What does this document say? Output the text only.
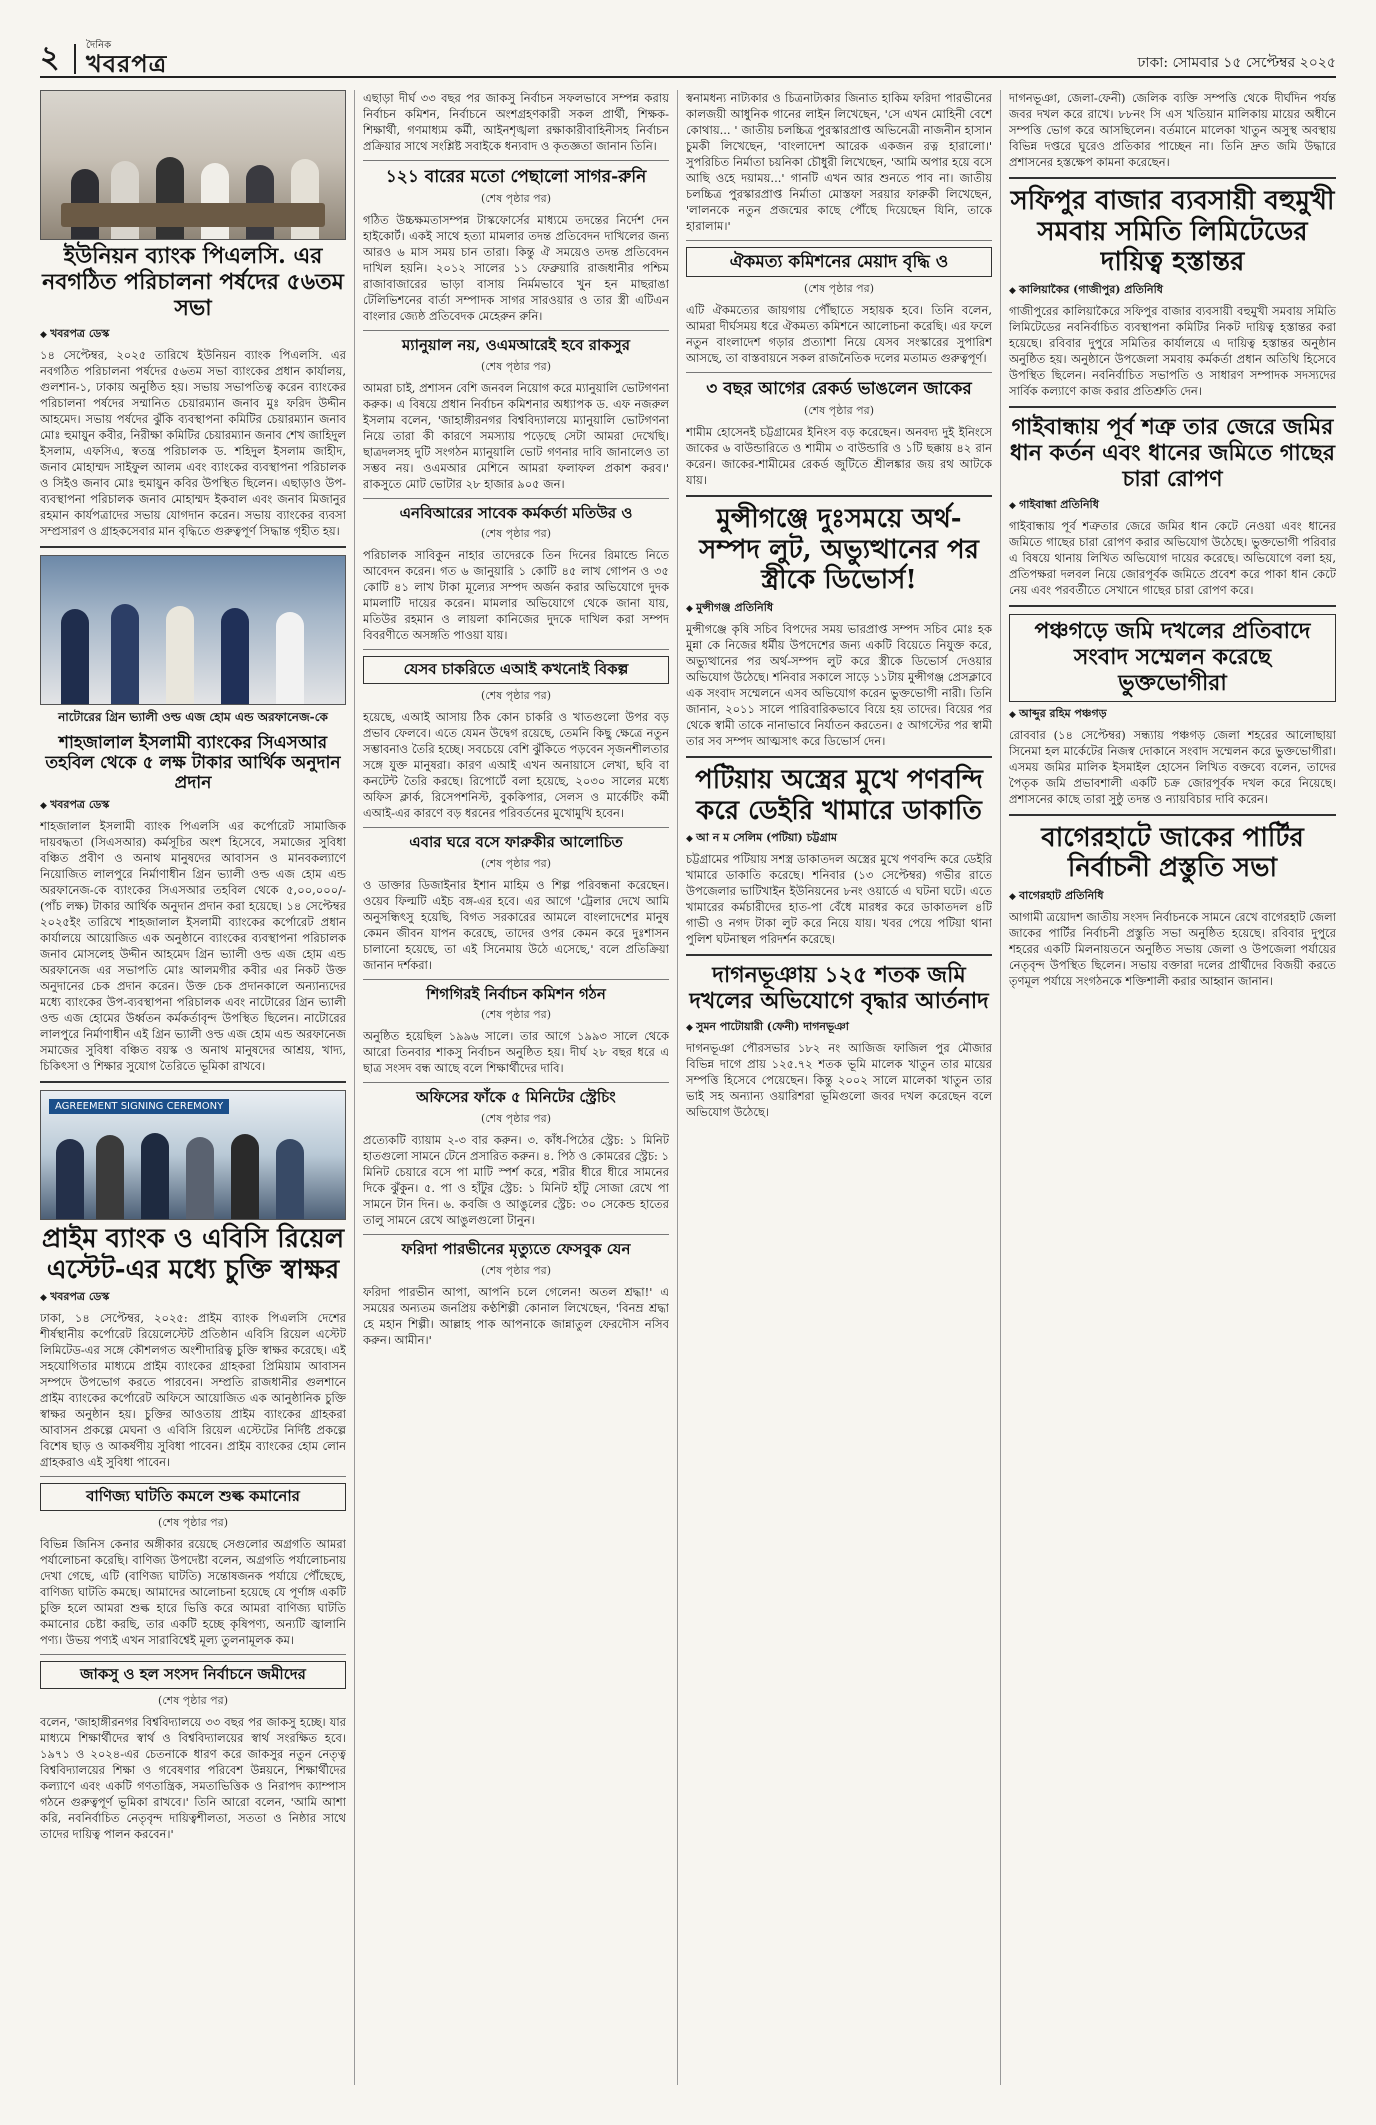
২	দৈনিক
খবরপত্র	ঢাকা: সোমবার ১৫ সেপ্টেম্বর ২০২৫
ইউনিয়ন ব্যাংক পিএলসি. এর নবগঠিত পরিচালনা পর্ষদের ৫৬তম সভা
◆ খবরপত্র ডেস্ক
১৪ সেপ্টেম্বর, ২০২৫ তারিখে ইউনিয়ন ব্যাংক পিএলসি. এর নবগঠিত পরিচালনা পর্ষদের ৫৬তম সভা ব্যাংকের প্রধান কার্যালয়, গুলশান-১, ঢাকায় অনুষ্ঠিত হয়। সভায় সভাপতিত্ব করেন ব্যাংকের পরিচালনা পর্ষদের সম্মানিত চেয়ারম্যান জনাব মুঃ ফরিদ উদ্দীন আহমেদ। সভায় পর্ষদের ঝুঁকি ব্যবস্থাপনা কমিটির চেয়ারম্যান জনাব মোঃ হুমায়ুন কবীর, নিরীক্ষা কমিটির চেয়ারম্যান জনাব শেখ জাহিদুল ইসলাম, এফসিএ, স্বতন্ত্র পরিচালক ড. শহিদুল ইসলাম জাহীদ, জনাব মোহাম্মদ সাইফুল আলম এবং ব্যাংকের ব্যবস্থাপনা পরিচালক ও সিইও জনাব মোঃ হুমায়ুন কবির উপস্থিত ছিলেন। এছাড়াও উপ-ব্যবস্থাপনা পরিচালক জনাব মোহাম্মদ ইকবাল এবং জনাব মিজানুর রহমান কার্যপত্রাদের সভায় যোগদান করেন। সভায় ব্যাংকের ব্যবসা সম্প্রসারণ ও গ্রাহকসেবার মান বৃদ্ধিতে গুরুত্বপূর্ণ সিদ্ধান্ত গৃহীত হয়।
নাটোরের গ্রিন ভ্যালী ওল্ড এজ হোম এন্ড অরফানেজ-কে
শাহজালাল ইসলামী ব্যাংকের সিএসআর তহবিল থেকে ৫ লক্ষ টাকার আর্থিক অনুদান প্রদান
◆ খবরপত্র ডেস্ক
শাহজালাল ইসলামী ব্যাংক পিএলসি এর কর্পোরেট সামাজিক দায়বদ্ধতা (সিএসআর) কর্মসূচির অংশ হিসেবে, সমাজের সুবিধা বঞ্চিত প্রবীণ ও অনাথ মানুষদের আবাসন ও মানবকল্যাণে নিয়োজিত লালপুরে নির্মাণাধীন গ্রিন ভ্যালী ওল্ড এজ হোম এন্ড অরফানেজ-কে ব্যাংকের সিএসআর তহবিল থেকে ৫,০০,০০০/- (পাঁচ লক্ষ) টাকার আর্থিক অনুদান প্রদান করা হয়েছে। ১৪ সেপ্টেম্বর ২০২৫ইং তারিখে শাহজালাল ইসলামী ব্যাংকের কর্পোরেট প্রধান কার্যালয়ে আয়োজিত এক অনুষ্ঠানে ব্যাংকের ব্যবস্থাপনা পরিচালক জনাব মোসলেহ উদ্দীন আহমেদ গ্রিন ভ্যালী ওল্ড এজ হোম এন্ড অরফানেজ এর সভাপতি মোঃ আলমগীর কবীর এর নিকট উক্ত অনুদানের চেক প্রদান করেন। উক্ত চেক প্রদানকালে অন্যান্যদের মধ্যে ব্যাংকের উপ-ব্যবস্থাপনা পরিচালক এবং নাটোরের গ্রিন ভ্যালী ওল্ড এজ হোমের উর্ধ্বতন কর্মকর্তাবৃন্দ উপস্থিত ছিলেন। নাটোরের লালপুরে নির্মাণাধীন এই গ্রিন ভ্যালী ওল্ড এজ হোম এন্ড অরফানেজ সমাজের সুবিধা বঞ্চিত বয়স্ক ও অনাথ মানুষদের আশ্রয়, খাদ্য, চিকিৎসা ও শিক্ষার সুযোগ তৈরিতে ভূমিকা রাখবে।
AGREEMENT SIGNING CEREMONY
প্রাইম ব্যাংক ও এবিসি রিয়েল এস্টেট-এর মধ্যে চুক্তি স্বাক্ষর
◆ খবরপত্র ডেস্ক
ঢাকা, ১৪ সেপ্টেম্বর, ২০২৫: প্রাইম ব্যাংক পিএলসি দেশের শীর্ষস্থানীয় কর্পোরেট রিয়েলেস্টেট প্রতিষ্ঠান এবিসি রিয়েল এস্টেট লিমিটেড-এর সঙ্গে কৌশলগত অংশীদারিত্ব চুক্তি স্বাক্ষর করেছে। এই সহযোগিতার মাধ্যমে প্রাইম ব্যাংকের গ্রাহকরা প্রিমিয়াম আবাসন সম্পদে উপভোগ করতে পারবেন। সম্প্রতি রাজধানীর গুলশানে প্রাইম ব্যাংকের কর্পোরেট অফিসে আয়োজিত এক আনুষ্ঠানিক চুক্তি স্বাক্ষর অনুষ্ঠান হয়। চুক্তির আওতায় প্রাইম ব্যাংকের গ্রাহকরা আবাসন প্রকল্পে মেঘনা ও এবিসি রিয়েল এস্টেটের নির্দিষ্ট প্রকল্পে বিশেষ ছাড় ও আকর্ষণীয় সুবিধা পাবেন। প্রাইম ব্যাংকের হোম লোন গ্রাহকরাও এই সুবিধা পাবেন।
বাণিজ্য ঘাটতি কমলে শুল্ক কমানোর
(শেষ পৃষ্ঠার পর)
বিভিন্ন জিনিস কেনার অঙ্গীকার রয়েছে সেগুলোর অগ্রগতি আমরা পর্যালোচনা করেছি। বাণিজ্য উপদেষ্টা বলেন, অগ্রগতি পর্যালোচনায় দেখা গেছে, এটি (বাণিজ্য ঘাটতি) সন্তোষজনক পর্যায়ে পৌঁছেছে, বাণিজ্য ঘাটতি কমছে। আমাদের আলোচনা হয়েছে যে পূর্ণাঙ্গ একটি চুক্তি হলে আমরা শুল্ক হারে ভিত্তি করে আমরা বাণিজ্য ঘাটতি কমানোর চেষ্টা করছি, তার একটি হচ্ছে কৃষিপণ্য, অন্যটি জ্বালানি পণ্য। উভয় পণ্যই এখন সারাবিশ্বেই মূল্য তুলনামূলক কম।
জাকসু ও হল সংসদ নির্বাচনে জমীদের
(শেষ পৃষ্ঠার পর)
বলেন, 'জাহাঙ্গীরনগর বিশ্ববিদ্যালয়ে ৩৩ বছর পর জাকসু হচ্ছে। যার মাধ্যমে শিক্ষার্থীদের স্বার্থ ও বিশ্ববিদ্যালয়ের স্বার্থ সংরক্ষিত হবে। ১৯৭১ ও ২০২৪-এর চেতনাকে ধারণ করে জাকসুর নতুন নেতৃত্ব বিশ্ববিদ্যালয়ের শিক্ষা ও গবেষণার পরিবেশ উন্নয়নে, শিক্ষার্থীদের কল্যাণে এবং একটি গণতান্ত্রিক, সমতাভিত্তিক ও নিরাপদ ক্যাম্পাস গঠনে গুরুত্বপূর্ণ ভূমিকা রাখবে।' তিনি আরো বলেন, 'আমি আশা করি, নবনির্বাচিত নেতৃবৃন্দ দায়িত্বশীলতা, সততা ও নিষ্ঠার সাথে তাদের দায়িত্ব পালন করবেন।'
এছাড়া দীর্ঘ ৩৩ বছর পর জাকসু নির্বাচন সফলভাবে সম্পন্ন করায় নির্বাচন কমিশন, নির্বাচনে অংশগ্রহণকারী সকল প্রার্থী, শিক্ষক-শিক্ষার্থী, গণমাধ্যম কর্মী, আইনশৃঙ্খলা রক্ষাকারীবাহিনীসহ নির্বাচন প্রক্রিয়ার সাথে সংশ্লিষ্ট সবাইকে ধন্যবাদ ও কৃতজ্ঞতা জানান তিনি।
১২১ বারের মতো পেছালো সাগর-রুনি
(শেষ পৃষ্ঠার পর)
গঠিত উচ্চক্ষমতাসম্পন্ন টাস্কফোর্সের মাধ্যমে তদন্তের নির্দেশ দেন হাইকোর্ট। একই সাথে হত্যা মামলার তদন্ত প্রতিবেদন দাখিলের জন্য আরও ৬ মাস সময় চান তারা। কিন্তু ঐ সময়েও তদন্ত প্রতিবেদন দাখিল হয়নি। ২০১২ সালের ১১ ফেব্রুয়ারি রাজধানীর পশ্চিম রাজাবাজারের ভাড়া বাসায় নির্মমভাবে খুন হন মাছরাঙা টেলিভিশনের বার্তা সম্পাদক সাগর সারওয়ার ও তার স্ত্রী এটিএন বাংলার জ্যেষ্ঠ প্রতিবেদক মেহেরুন রুনি।
ম্যানুয়াল নয়, ওএমআরেই হবে রাকসুর
(শেষ পৃষ্ঠার পর)
আমরা চাই, প্রশাসন বেশি জনবল নিয়োগ করে ম্যানুয়ালি ভোটগণনা করুক। এ বিষয়ে প্রধান নির্বাচন কমিশনার অধ্যাপক ড. এফ নজরুল ইসলাম বলেন, 'জাহাঙ্গীরনগর বিশ্ববিদ্যালয়ে ম্যানুয়ালি ভোটগণনা নিয়ে তারা কী কারণে সমস্যায় পড়েছে সেটা আমরা দেখেছি। ছাত্রদলসহ দুটি সংগঠন ম্যানুয়ালি ভোট গণনার দাবি জানালেও তা সম্ভব নয়। ওএমআর মেশিনে আমরা ফলাফল প্রকাশ করব।' রাকসুতে মোট ভোটার ২৮ হাজার ৯০৫ জন।
এনবিআরের সাবেক কর্মকর্তা মতিউর ও
(শেষ পৃষ্ঠার পর)
পরিচালক সাবিকুন নাহার তাদেরকে তিন দিনের রিমান্ডে নিতে আবেদন করেন। গত ৬ জানুয়ারি ১ কোটি ৪৫ লাখ গোপন ও ৩৫ কোটি ৪১ লাখ টাকা মূল্যের সম্পদ অর্জন করার অভিযোগে দুদক মামলাটি দায়ের করেন। মামলার অভিযোগে থেকে জানা যায়, মতিউর রহমান ও লায়লা কানিজের দুদকে দাখিল করা সম্পদ বিবরণীতে অসঙ্গতি পাওয়া যায়।
যেসব চাকরিতে এআই কখনোই বিকল্প
(শেষ পৃষ্ঠার পর)
হয়েছে, এআই আসায় ঠিক কোন চাকরি ও খাতগুলো উপর বড় প্রভাব ফেলবে। এতে যেমন উদ্বেগ রয়েছে, তেমনি কিছু ক্ষেত্রে নতুন সম্ভাবনাও তৈরি হচ্ছে। সবচেয়ে বেশি ঝুঁকিতে পড়বেন সৃজনশীলতার সঙ্গে যুক্ত মানুষরা। কারণ এআই এখন অনায়াসে লেখা, ছবি বা কনটেন্ট তৈরি করছে। রিপোর্টে বলা হয়েছে, ২০৩০ সালের মধ্যে অফিস ক্লার্ক, রিসেপশনিস্ট, বুককিপার, সেলস ও মার্কেটিং কর্মী এআই-এর কারণে বড় ধরনের পরিবর্তনের মুখোমুখি হবেন।
এবার ঘরে বসে ফারুকীর আলোচিত
(শেষ পৃষ্ঠার পর)
ও ডাক্তার ডিজাইনার ইশান মাহিম ও শিল্প পরিবন্ধনা করেছেন। ওয়েব ফিল্মটি এইচ বঙ্গ-এর হবে। এর আগে 'ট্রেলার দেখে আমি অনুসন্ধিৎসু হয়েছি, বিগত সরকারের আমলে বাংলাদেশের মানুষ কেমন জীবন যাপন করেছে, তাদের ওপর কেমন করে দুঃশাসন চালানো হয়েছে, তা এই সিনেমায় উঠে এসেছে,' বলে প্রতিক্রিয়া জানান দর্শকরা।
শিগগিরই নির্বাচন কমিশন গঠন
(শেষ পৃষ্ঠার পর)
অনুষ্ঠিত হয়েছিল ১৯৯৬ সালে। তার আগে ১৯৯৩ সালে থেকে আরো তিনবার শাকসু নির্বাচন অনুষ্ঠিত হয়। দীর্ঘ ২৮ বছর ধরে এ ছাত্র সংসদ বন্ধ আছে বলে শিক্ষার্থীদের দাবি।
অফিসের ফাঁকে ৫ মিনিটের স্ট্রেচিং
(শেষ পৃষ্ঠার পর)
প্রত্যেকটি ব্যায়াম ২-৩ বার করুন। ৩. কাঁধ-পিঠের স্ট্রেচ: ১ মিনিট হাতগুলো সামনে টেনে প্রসারিত করুন। ৪. পিঠ ও কোমরের স্ট্রেচ: ১ মিনিট চেয়ারে বসে পা মাটি স্পর্শ করে, শরীর ধীরে ধীরে সামনের দিকে ঝুঁকুন। ৫. পা ও হাঁটুর স্ট্রেচ: ১ মিনিট হাঁটু সোজা রেখে পা সামনে টান দিন। ৬. কবজি ও আঙুলের স্ট্রেচ: ৩০ সেকেন্ড হাতের তালু সামনে রেখে আঙুলগুলো টানুন।
ফরিদা পারভীনের মৃত্যুতে ফেসবুক যেন
(শেষ পৃষ্ঠার পর)
ফরিদা পারভীন আপা, আপনি চলে গেলেন! অতল শ্রদ্ধা!' এ সময়ের অন্যতম জনপ্রিয় কণ্ঠশিল্পী কোনাল লিখেছেন, 'বিনম্র শ্রদ্ধা হে মহান শিল্পী। আল্লাহ পাক আপনাকে জান্নাতুল ফেরদৌস নসিব করুন। আমীন।'
স্বনামধন্য নাট্যকার ও চিত্রনাট্যকার জিনাত হাকিম ফরিদা পারভীনের কালজয়ী আধুনিক গানের লাইন লিখেছেন, 'সে এখন মোহিনী বেশে কোথায়... ' জাতীয় চলচ্চিত্র পুরস্কারপ্রাপ্ত অভিনেত্রী নাজনীন হাসান চুমকী লিখেছেন, 'বাংলাদেশ আরেক একজন রত্ন হারালো।' সুপরিচিত নির্মাতা চয়নিকা চৌধুরী লিখেছেন, 'আমি অপার হয়ে বসে আছি ওহে দয়াময়...' গানটি এখন আর শুনতে পাব না। জাতীয় চলচ্চিত্র পুরস্কারপ্রাপ্ত নির্মাতা মোস্তফা সরয়ার ফারুকী লিখেছেন, 'লালনকে নতুন প্রজন্মের কাছে পৌঁছে দিয়েছেন যিনি, তাকে হারালাম।'
ঐকমত্য কমিশনের মেয়াদ বৃদ্ধি ও
(শেষ পৃষ্ঠার পর)
এটি ঐকমত্যের জায়গায় পৌঁছাতে সহায়ক হবে। তিনি বলেন, আমরা দীর্ঘসময় ধরে ঐকমত্য কমিশনে আলোচনা করেছি। এর ফলে নতুন বাংলাদেশ গড়ার প্রত্যাশা নিয়ে যেসব সংস্কারের সুপারিশ আসছে, তা বাস্তবায়নে সকল রাজনৈতিক দলের মতামত গুরুত্বপূর্ণ।
৩ বছর আগের রেকর্ড ভাঙলেন জাকের
(শেষ পৃষ্ঠার পর)
শামীম হোসেনই চট্টগ্রামের ইনিংস বড় করেছেন। অনবদ্য দুই ইনিংসে জাকের ৬ বাউন্ডারিতে ও শামীম ৩ বাউন্ডারি ও ১টি ছক্কায় ৪২ রান করেন। জাকের-শামীমের রেকর্ড জুটিতে শ্রীলঙ্কার জয় রথ আটকে যায়।
মুন্সীগঞ্জে দুঃসময়ে অর্থ-সম্পদ লুট, অভ্যুত্থানের পর স্ত্রীকে ডিভোর্স!
◆ মুন্সীগঞ্জ প্রতিনিধি
মুন্সীগঞ্জে কৃষি সচিব বিপদের সময় ভারপ্রাপ্ত সম্পদ সচিব মোঃ হক মুন্না কে নিজের ধর্মীয় উপদেশের জন্য একটি বিয়েতে নিযুক্ত করে, অভ্যুত্থানের পর অর্থ-সম্পদ লুট করে স্ত্রীকে ডিভোর্স দেওয়ার অভিযোগ উঠেছে। শনিবার সকালে সাড়ে ১১টায় মুন্সীগঞ্জ প্রেসক্লাবে এক সংবাদ সম্মেলনে এসব অভিযোগ করেন ভুক্তভোগী নারী। তিনি জানান, ২০১১ সালে পারিবারিকভাবে বিয়ে হয় তাদের। বিয়ের পর থেকে স্বামী তাকে নানাভাবে নির্যাতন করতেন। ৫ আগস্টের পর স্বামী তার সব সম্পদ আত্মসাৎ করে ডিভোর্স দেন।
পটিয়ায় অস্ত্রের মুখে পণবন্দি করে ডেইরি খামারে ডাকাতি
◆ আ ন ম সেলিম (পটিয়া) চট্টগ্রাম
চট্টগ্রামের পটিয়ায় সশস্ত্র ডাকাতদল অস্ত্রের মুখে পণবন্দি করে ডেইরি খামারে ডাকাতি করেছে। শনিবার (১৩ সেপ্টেম্বর) গভীর রাতে উপজেলার ভাটিখাইন ইউনিয়নের ৮নং ওয়ার্ডে এ ঘটনা ঘটে। এতে খামারের কর্মচারীদের হাত-পা বেঁধে মারধর করে ডাকাতদল ৪টি গাভী ও নগদ টাকা লুট করে নিয়ে যায়। খবর পেয়ে পটিয়া থানা পুলিশ ঘটনাস্থল পরিদর্শন করেছে।
দাগনভূঞায় ১২৫ শতক জমি দখলের অভিযোগে বৃদ্ধার আর্তনাদ
◆ সুমন পাটোয়ারী (ফেনী) দাগনভূঞা
দাগনভূঞা পৌরসভার ১৮২ নং আজিজ ফাজিল পুর মৌজার বিভিন্ন দাগে প্রায় ১২৫.৭২ শতক ভূমি মালেক খাতুন তার মায়ের সম্পত্তি হিসেবে পেয়েছেন। কিন্তু ২০০২ সালে মালেকা খাতুন তার ভাই সহ অন্যান্য ওয়ারিশরা ভূমিগুলো জবর দখল করেছেন বলে অভিযোগ উঠেছে।
দাগনভূঞা, জেলা-ফেনী) জেলিক ব্যক্তি সম্পত্তি থেকে দীর্ঘদিন পর্যন্ত জবর দখল করে রাখে। ৮৮নং সি এস খতিয়ান মালিকায় মায়ের অধীনে সম্পত্তি ভোগ করে আসছিলেন। বর্তমানে মালেকা খাতুন অসুস্থ অবস্থায় বিভিন্ন দপ্তরে ঘুরেও প্রতিকার পাচ্ছেন না। তিনি দ্রুত জমি উদ্ধারে প্রশাসনের হস্তক্ষেপ কামনা করেছেন।
সফিপুর বাজার ব্যবসায়ী বহুমুখী সমবায় সমিতি লিমিটেডের দায়িত্ব হস্তান্তর
◆ কালিয়াকৈর (গাজীপুর) প্রতিনিধি
গাজীপুরের কালিয়াকৈরে সফিপুর বাজার ব্যবসায়ী বহুমুখী সমবায় সমিতি লিমিটেডের নবনির্বাচিত ব্যবস্থাপনা কমিটির নিকট দায়িত্ব হস্তান্তর করা হয়েছে। রবিবার দুপুরে সমিতির কার্যালয়ে এ দায়িত্ব হস্তান্তর অনুষ্ঠান অনুষ্ঠিত হয়। অনুষ্ঠানে উপজেলা সমবায় কর্মকর্তা প্রধান অতিথি হিসেবে উপস্থিত ছিলেন। নবনির্বাচিত সভাপতি ও সাধারণ সম্পাদক সদস্যদের সার্বিক কল্যাণে কাজ করার প্রতিশ্রুতি দেন।
গাইবান্ধায় পূর্ব শত্রু তার জেরে জমির ধান কর্তন এবং ধানের জমিতে গাছের চারা রোপণ
◆ গাইবান্ধা প্রতিনিধি
গাইবান্ধায় পূর্ব শত্রুতার জেরে জমির ধান কেটে নেওয়া এবং ধানের জমিতে গাছের চারা রোপণ করার অভিযোগ উঠেছে। ভুক্তভোগী পরিবার এ বিষয়ে থানায় লিখিত অভিযোগ দায়ের করেছে। অভিযোগে বলা হয়, প্রতিপক্ষরা দলবল নিয়ে জোরপূর্বক জমিতে প্রবেশ করে পাকা ধান কেটে নেয় এবং পরবর্তীতে সেখানে গাছের চারা রোপণ করে।
পঞ্চগড়ে জমি দখলের প্রতিবাদে সংবাদ সম্মেলন করেছে ভুক্তভোগীরা
◆ আব্দুর রহিম পঞ্চগড়
রোববার (১৪ সেপ্টেম্বর) সন্ধ্যায় পঞ্চগড় জেলা শহরের আলোছায়া সিনেমা হল মার্কেটের নিজস্ব দোকানে সংবাদ সম্মেলন করে ভুক্তভোগীরা। এসময় জমির মালিক ইসমাইল হোসেন লিখিত বক্তব্যে বলেন, তাদের পৈতৃক জমি প্রভাবশালী একটি চক্র জোরপূর্বক দখল করে নিয়েছে। প্রশাসনের কাছে তারা সুষ্ঠু তদন্ত ও ন্যায়বিচার দাবি করেন।
বাগেরহাটে জাকের পার্টির নির্বাচনী প্রস্তুতি সভা
◆ বাগেরহাট প্রতিনিধি
আগামী ত্রয়োদশ জাতীয় সংসদ নির্বাচনকে সামনে রেখে বাগেরহাট জেলা জাকের পার্টির নির্বাচনী প্রস্তুতি সভা অনুষ্ঠিত হয়েছে। রবিবার দুপুরে শহরের একটি মিলনায়তনে অনুষ্ঠিত সভায় জেলা ও উপজেলা পর্যায়ের নেতৃবৃন্দ উপস্থিত ছিলেন। সভায় বক্তারা দলের প্রার্থীদের বিজয়ী করতে তৃণমূল পর্যায়ে সংগঠনকে শক্তিশালী করার আহ্বান জানান।
